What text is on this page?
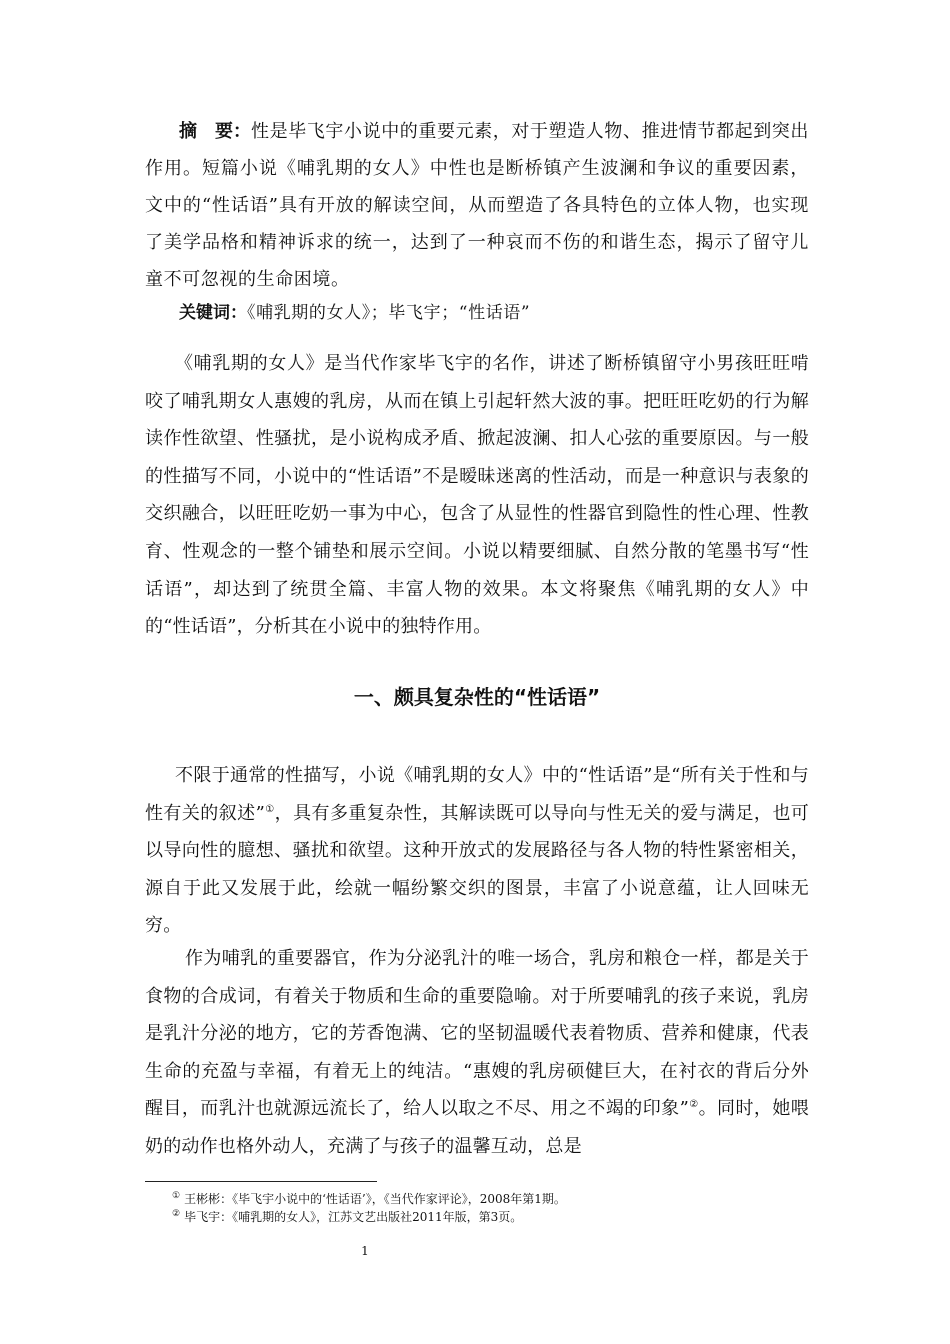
摘　要：性是毕飞宇小说中的重要元素，对于塑造人物、推进情节都起到突出作用。短篇小说《哺乳期的女人》中性也是断桥镇产生波澜和争议的重要因素，文中的“性话语”具有开放的解读空间，从而塑造了各具特色的立体人物，也实现了美学品格和精神诉求的统一，达到了一种哀而不伤的和谐生态，揭示了留守儿童不可忽视的生命困境。
关键词：《哺乳期的女人》；毕飞宇；“性话语”
《哺乳期的女人》是当代作家毕飞宇的名作，讲述了断桥镇留守小男孩旺旺啃咬了哺乳期女人惠嫂的乳房，从而在镇上引起轩然大波的事。把旺旺吃奶的行为解读作性欲望、性骚扰，是小说构成矛盾、掀起波澜、扣人心弦的重要原因。与一般的性描写不同，小说中的“性话语”不是暧昧迷离的性活动，而是一种意识与表象的交织融合，以旺旺吃奶一事为中心，包含了从显性的性器官到隐性的性心理、性教育、性观念的一整个铺垫和展示空间。小说以精要细腻、自然分散的笔墨书写“性话语”，却达到了统贯全篇、丰富人物的效果。本文将聚焦《哺乳期的女人》中的“性话语”，分析其在小说中的独特作用。
一、颇具复杂性的“性话语”
不限于通常的性描写，小说《哺乳期的女人》中的“性话语”是“所有关于性和与性有关的叙述”①，具有多重复杂性，其解读既可以导向与性无关的爱与满足，也可以导向性的臆想、骚扰和欲望。这种开放式的发展路径与各人物的特性紧密相关，源自于此又发展于此，绘就一幅纷繁交织的图景，丰富了小说意蕴，让人回味无穷。
作为哺乳的重要器官，作为分泌乳汁的唯一场合，乳房和粮仓一样，都是关于食物的合成词，有着关于物质和生命的重要隐喻。对于所要哺乳的孩子来说，乳房是乳汁分泌的地方，它的芳香饱满、它的坚韧温暖代表着物质、营养和健康，代表生命的充盈与幸福，有着无上的纯洁。“惠嫂的乳房硕健巨大，在衬衣的背后分外醒目，而乳汁也就源远流长了，给人以取之不尽、用之不竭的印象”②。同时，她喂奶的动作也格外动人，充满了与孩子的温馨互动，总是
① 王彬彬：《毕飞宇小说中的‘性话语’》，《当代作家评论》，2008年第1期。
② 毕飞宇：《哺乳期的女人》，江苏文艺出版社2011年版，第3页。
1
